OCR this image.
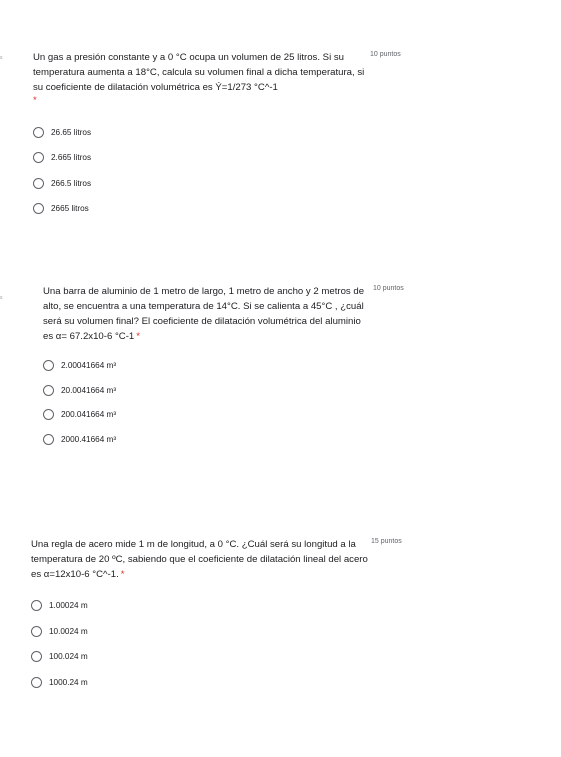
s
s
Un gas a presión constante y a 0 °C ocupa un volumen de 25 litros. Si su temperatura aumenta a 18°C, calcula su volumen final a dicha temperatura, si su coeficiente de dilatación volumétrica es Ý=1/273 °C^-1
*
10 puntos
26.65 litros
2.665 litros
266.5 litros
2665 litros
Una barra de aluminio de 1 metro de largo, 1 metro de ancho y 2 metros de alto, se encuentra a una temperatura de 14°C. Si se calienta a 45°C , ¿cuál será su volumen final? El coeficiente de dilatación volumétrica del aluminio es α= 67.2x10-6 °C-1 *
10 puntos
2.00041664 m³
20.0041664 m³
200.041664 m³
2000.41664 m³
Una regla de acero mide 1 m de longitud, a 0 °C. ¿Cuál será su longitud a la temperatura de 20 ºC, sabiendo que el coeficiente de dilatación lineal del acero es α=12x10-6 °C^-1. *
15 puntos
1.00024 m
10.0024 m
100.024 m
1000.24 m
